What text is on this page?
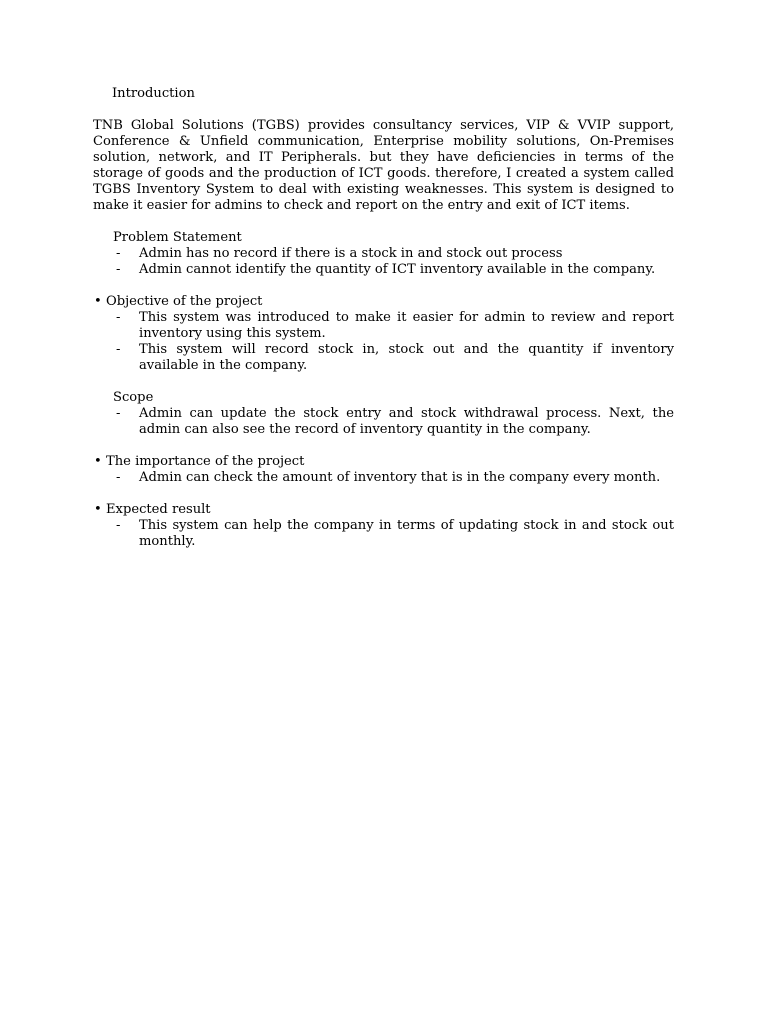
Introduction

TNB Global Solutions (TGBS) provides consultancy services, VIP & VVIP support, Conference & Unfield communication, Enterprise mobility solutions, On-Premises solution, network, and IT Peripherals. but they have deficiencies in terms of the storage of goods and the production of ICT goods. therefore, I created a system called TGBS Inventory System to deal with existing weaknesses. This system is designed to make it easier for admins to check and report on the entry and exit of ICT items.

Problem Statement

- Admin has no record if there is a stock in and stock out process
- Admin cannot identify the quantity of ICT inventory available in the company.

• Objective of the project

- This system was introduced to make it easier for admin to review and report inventory using this system.
- This system will record stock in, stock out and the quantity if inventory available in the company.

Scope

- Admin can update the stock entry and stock withdrawal process. Next, the admin can also see the record of inventory quantity in the company.

• The importance of the project

- Admin can check the amount of inventory that is in the company every month.

• Expected result

- This system can help the company in terms of updating stock in and stock out monthly.
